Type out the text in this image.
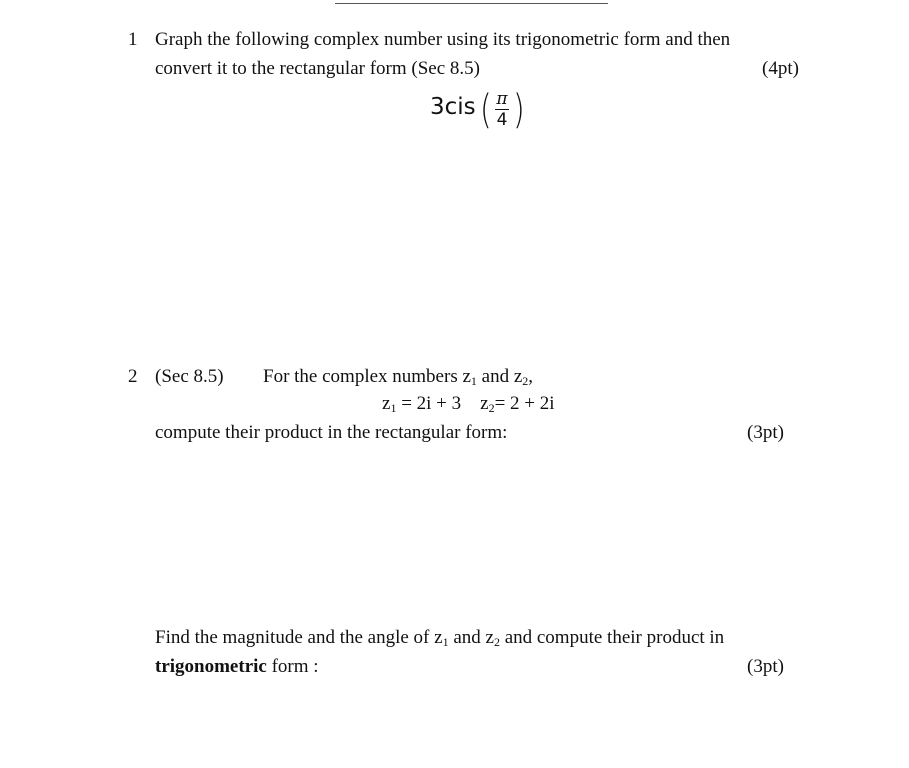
1 Graph the following complex number using its trigonometric form and then
convert it to the rectangular form (Sec 8.5)	(4pt)
3cis ( π
4 )
2 (Sec 8.5) For the complex numbers $z_1$ and $z_2$,
$z_1 = 2i + 3$ $z_2= 2 + 2i$
compute their product in the rectangular form:	(3pt)
Find the magnitude and the angle of $z_1$ and $z_2$ and compute their product in
trigonometric form :	(3pt)
